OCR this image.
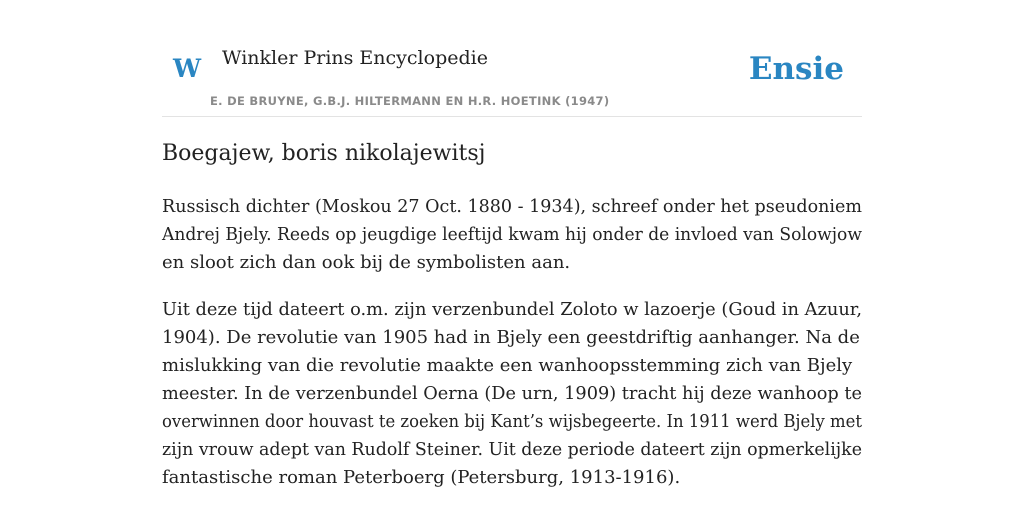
W Winkler Prins Encyclopedie
E. DE BRUYNE, G.B.J. HILTERMANN EN H.R. HOETINK (1947)
Ensie
Boegajew, boris nikolajewitsj

Russisch dichter (Moskou 27 Oct. 1880 - 1934), schreef onder het pseudoniem
Andrej Bjely. Reeds op jeugdige leeftijd kwam hij onder de invloed van Solowjow
en sloot zich dan ook bij de symbolisten aan.

Uit deze tijd dateert o.m. zijn verzenbundel Zoloto w lazoerje (Goud in Azuur,
1904). De revolutie van 1905 had in Bjely een geestdriftig aanhanger. Na de
mislukking van die revolutie maakte een wanhoopsstemming zich van Bjely
meester. In de verzenbundel Oerna (De urn, 1909) tracht hij deze wanhoop te
overwinnen door houvast te zoeken bij Kant’s wijsbegeerte. In 1911 werd Bjely met
zijn vrouw adept van Rudolf Steiner. Uit deze periode dateert zijn opmerkelijke
fantastische roman Peterboerg (Petersburg, 1913-1916).
